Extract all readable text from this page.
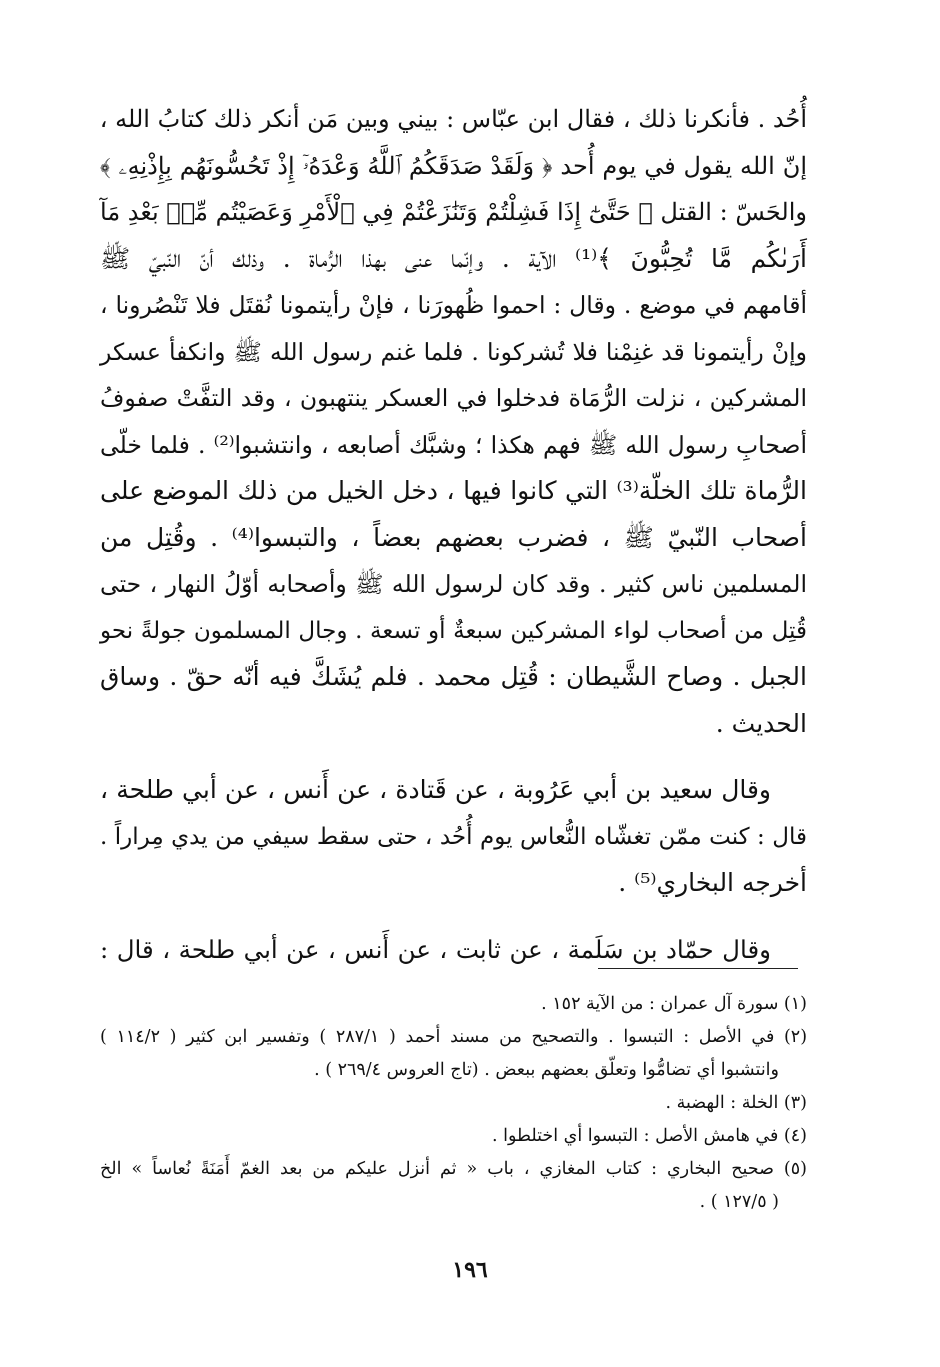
أُحُد . فأنكرنا ذلك ، فقال ابن عبّاس : بيني وبين مَن أنكر ذلك كتابُ الله ،
إنّ الله يقول في يوم أُحد ﴿ وَلَقَدْ صَدَقَكُمُ ٱللَّهُ وَعْدَهُۥٓ إِذْ تَحُسُّونَهُم بِإِذْنِهِۦ ﴾
والحَسّ : القتل ﴿ حَتَّىٰٓ إِذَا فَشِلْتُمْ وَتَنَٰزَعْتُمْ فِي ٱلْأَمْرِ وَعَصَيْتُم مِّنۢ بَعْدِ مَآ
أَرَىٰكُم مَّا تُحِبُّونَ ﴾⁽¹⁾ الآية . وإنّما عنى بهذا الرُّماة . وذلك أنّ النّبيّ ﷺ
أقامهم في موضع . وقال : احموا ظُهورَنا ، فإنْ رأيتمونا نُقتَل فلا تَنْصُرونا ،
وإنْ رأيتمونا قد غنِمْنا فلا تُشركونا . فلما غنم رسول الله ﷺ وانكفأ عسكر
المشركين ، نزلت الرُّمَاة فدخلوا في العسكر ينتهبون ، وقد التفَّتْ صفوفُ
أصحابِ رسول الله ﷺ فهم هكذا ؛ وشبَّك أصابعه ، وانتشبوا⁽²⁾ . فلما خلّى
الرُّماة تلك الخلّة⁽³⁾ التي كانوا فيها ، دخل الخيل من ذلك الموضع على
أصحاب النّبيّ ﷺ ، فضرب بعضهم بعضاً ، والتبسوا⁽⁴⁾ . وقُتِل من
المسلمين ناس كثير . وقد كان لرسول الله ﷺ وأصحابه أوّلُ النهار ، حتى
قُتِل من أصحاب لواء المشركين سبعةٌ أو تسعة . وجال المسلمون جولةً نحو
الجبل . وصاح الشَّيطان : قُتِل محمد . فلم يُشَكَّ فيه أنّه حقّ . وساق
الحديث .
وقال سعيد بن أبي عَرُوبة ، عن قَتادة ، عن أَنس ، عن أبي طلحة ،
قال : كنت ممّن تغشّاه النُّعاس يوم أُحُد ، حتى سقط سيفي من يدي مِراراً .
أخرجه البخاري⁽⁵⁾ .
وقال حمّاد بن سَلَمة ، عن ثابت ، عن أَنس ، عن أبي طلحة ، قال :
(١) سورة آل عمران : من الآية ١٥٢ .
(٢) في الأصل : التبسوا . والتصحيح من مسند أحمد ( ٢٨٧/١ ) وتفسير ابن كثير ( ١١٤/٢ )
وانتشبوا أي تضامُّوا وتعلّق بعضهم ببعض . (تاج العروس ٢٦٩/٤ ) .
(٣) الخلة : الهضبة .
(٤) في هامش الأصل : التبسوا أي اختلطوا .
(٥) صحيح البخاري : كتاب المغازي ، باب « ثم أنزل عليكم من بعد الغمّ أَمَنَةً نُعاساً » الخ
( ١٢٧/٥ ) .
١٩٦
